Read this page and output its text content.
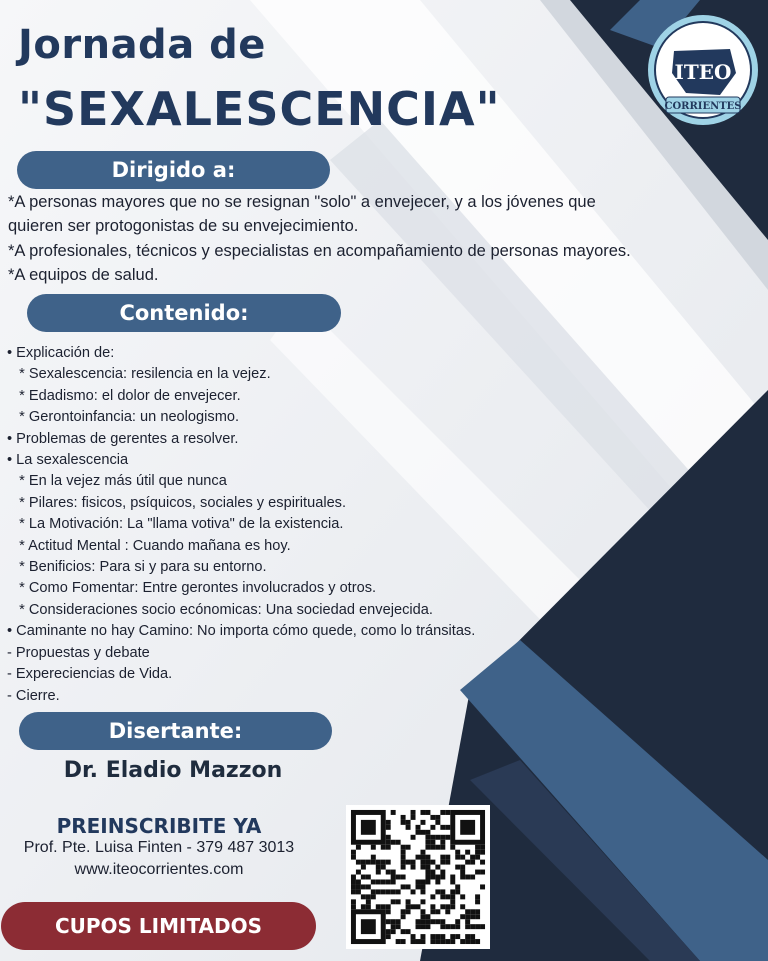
Jornada de
"SEXALESCENCIA"
ITEO
CORRIENTES
Dirigido a:
*A personas mayores que no se resignan "solo" a envejecer, y a los jóvenes que
quieren ser protogonistas de su envejecimiento.
*A profesionales, técnicos y especialistas en acompañamiento de personas mayores.
*A equipos de salud.
Contenido:
• Explicación de:
* Sexalescencia: resilencia en la vejez.
* Edadismo: el dolor de envejecer.
* Gerontoinfancia: un neologismo.
• Problemas de gerentes a resolver.
• La sexalescencia
* En la vejez más útil que nunca
* Pilares: fisicos, psíquicos, sociales y espirituales.
* La Motivación: La "llama votiva" de la existencia.
* Actitud Mental : Cuando mañana es hoy.
* Benificios: Para si y para su entorno.
* Como Fomentar: Entre gerontes involucrados y otros.
* Consideraciones socio ecónomicas: Una sociedad envejecida.
• Caminante no hay Camino: No importa cómo quede, como lo tránsitas.
- Propuestas y debate
- Expereciencias de Vida.
- Cierre.
Disertante:
Dr. Eladio Mazzon
PREINSCRIBITE YA
Prof. Pte. Luisa Finten - 379 487 3013
www.iteocorrientes.com
CUPOS LIMITADOS
